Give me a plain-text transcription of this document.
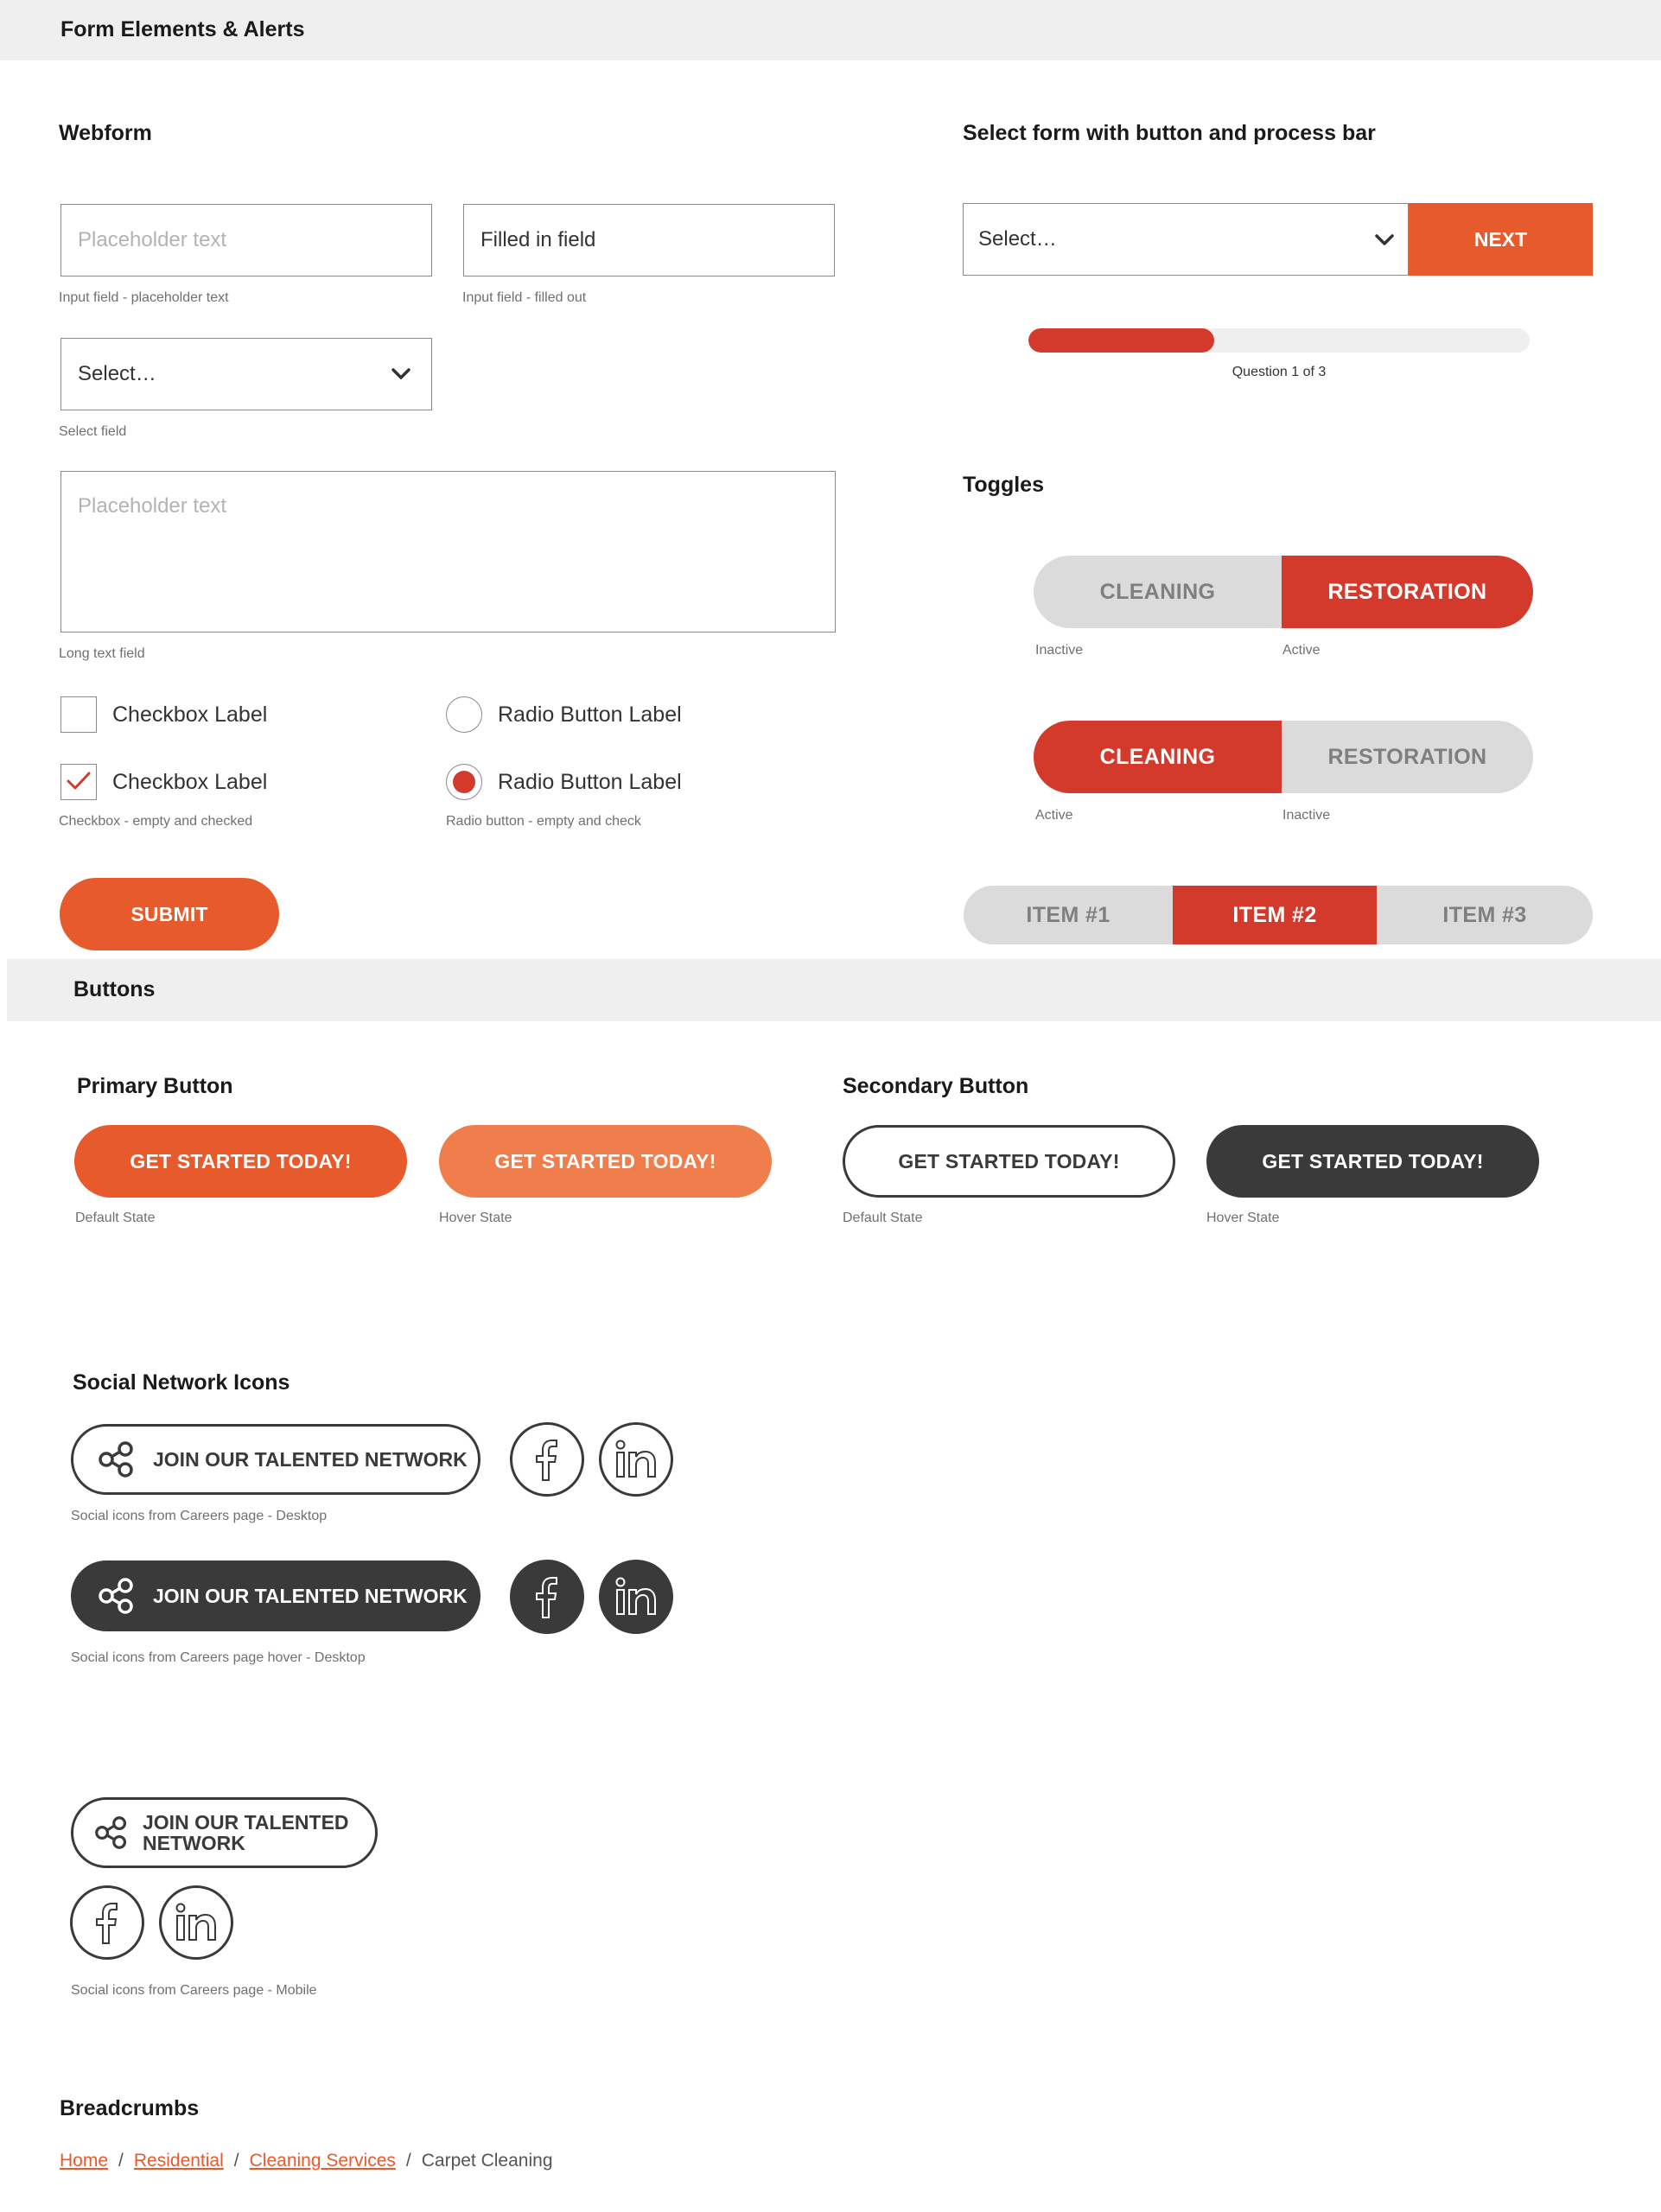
Form Elements & Alerts
Webform
Placeholder text
Input field - placeholder text
Filled in field
Input field - filled out
Select…
Select field
Placeholder text
Long text field
Checkbox Label
Checkbox Label
Checkbox - empty and checked
Radio Button Label
Radio Button Label
Radio button - empty and check
SUBMIT
Select form with button and process bar
Select…	NEXT
Question 1 of 3
Toggles
CLEANING	RESTORATION
Inactive	Active
CLEANING	RESTORATION
Active	Inactive
ITEM #1	ITEM #2	ITEM #3
Buttons
Primary Button	Secondary Button
GET STARTED TODAY!
Default State
GET STARTED TODAY!
Hover State
GET STARTED TODAY!
Default State
GET STARTED TODAY!
Hover State
Social Network Icons
JOIN OUR TALENTED NETWORK
Social icons from Careers page - Desktop
JOIN OUR TALENTED NETWORK
Social icons from Careers page hover - Desktop
JOIN OUR TALENTED
NETWORK
Social icons from Careers page - Mobile
Breadcrumbs
Home / Residential / Cleaning Services / Carpet Cleaning
